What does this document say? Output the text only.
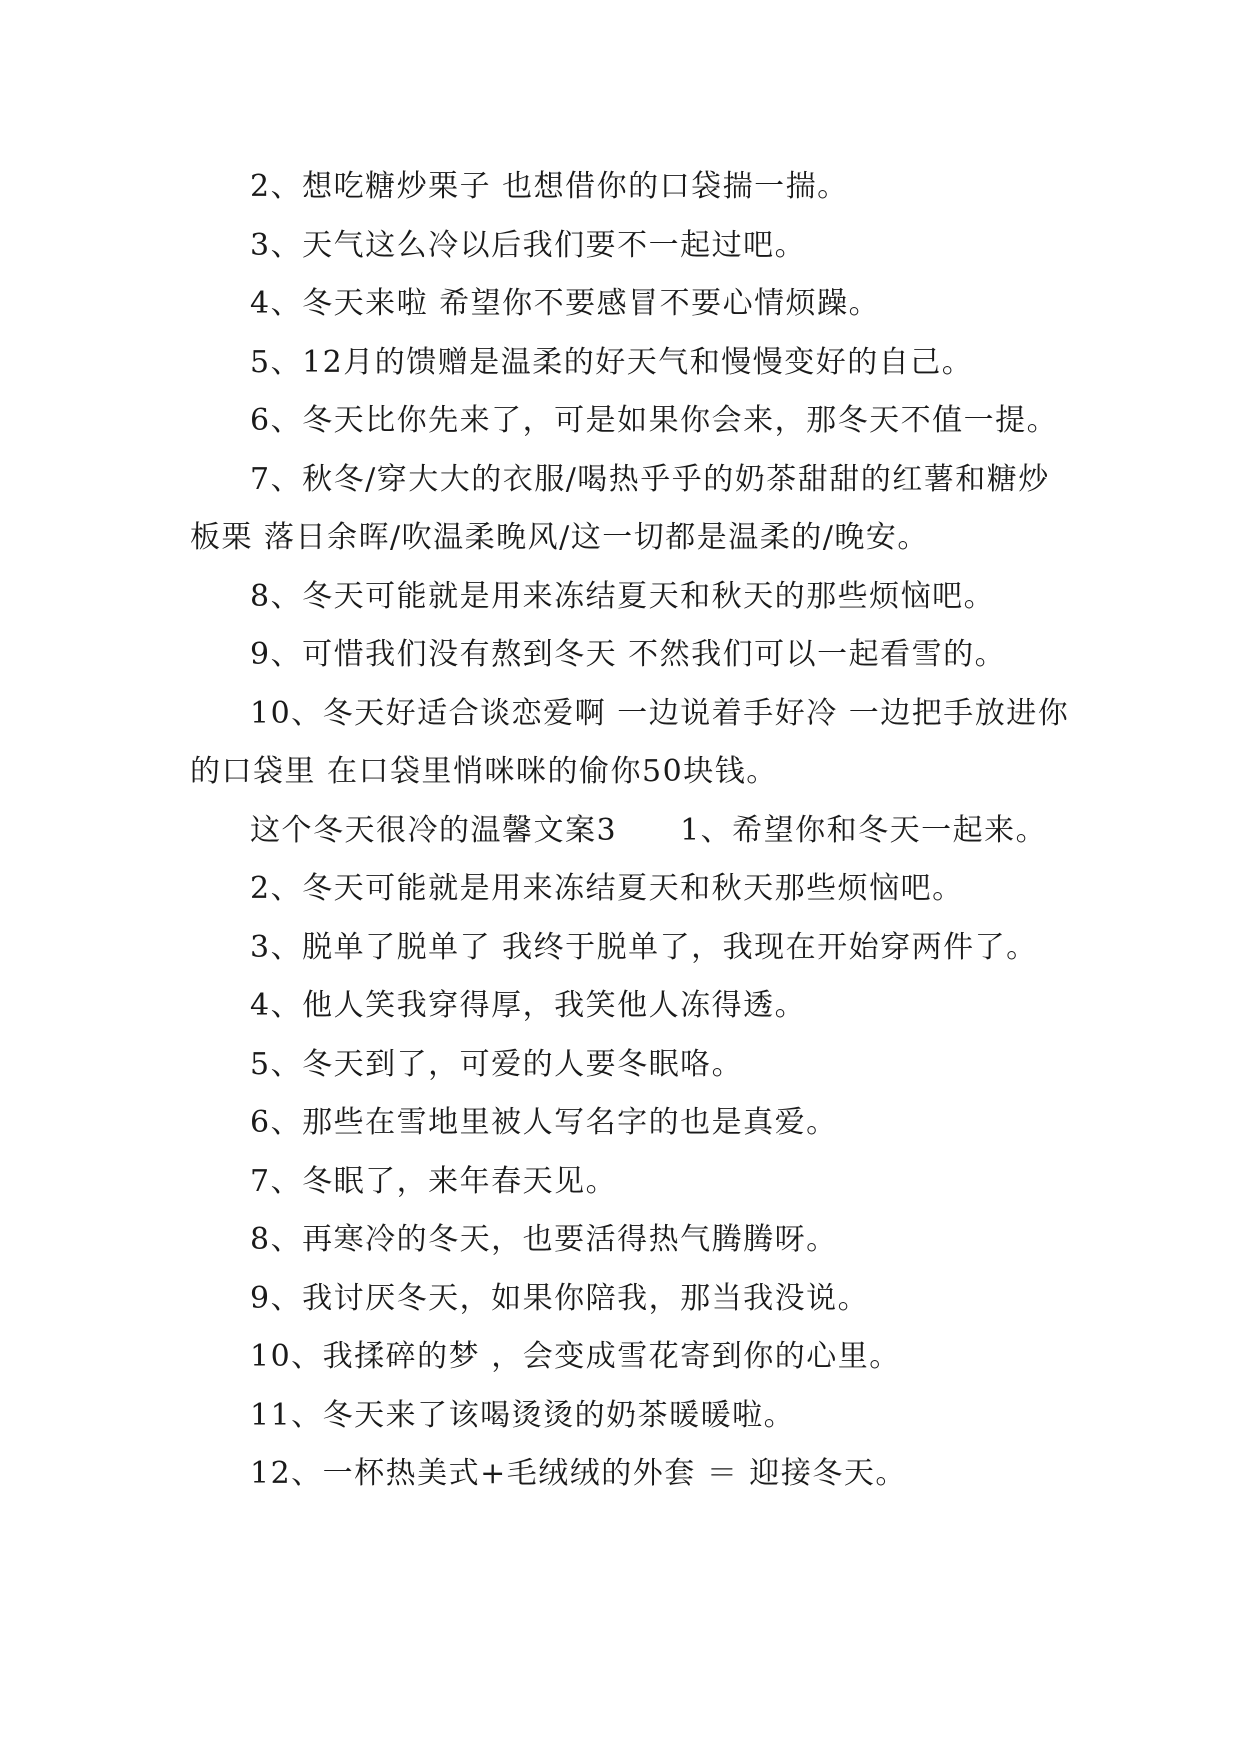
2、想吃糖炒栗子 也想借你的口袋揣一揣。

3、天气这么冷以后我们要不一起过吧。

4、冬天来啦 希望你不要感冒不要心情烦躁。

5、12月的馈赠是温柔的好天气和慢慢变好的自己。

6、冬天比你先来了，可是如果你会来，那冬天不值一提。

7、秋冬/穿大大的衣服/喝热乎乎的奶茶甜甜的红薯和糖炒板栗 落日余晖/吹温柔晚风/这一切都是温柔的/晚安。

8、冬天可能就是用来冻结夏天和秋天的那些烦恼吧。

9、可惜我们没有熬到冬天 不然我们可以一起看雪的。

10、冬天好适合谈恋爱啊 一边说着手好冷 一边把手放进你的口袋里 在口袋里悄咪咪的偷你50块钱。

这个冬天很冷的温馨文案3　　1、希望你和冬天一起来。

2、冬天可能就是用来冻结夏天和秋天那些烦恼吧。

3、脱单了脱单了 我终于脱单了，我现在开始穿两件了。

4、他人笑我穿得厚，我笑他人冻得透。

5、冬天到了，可爱的人要冬眠咯。

6、那些在雪地里被人写名字的也是真爱。

7、冬眠了，来年春天见。

8、再寒冷的冬天，也要活得热气腾腾呀。

9、我讨厌冬天，如果你陪我，那当我没说。

10、我揉碎的梦 ，会变成雪花寄到你的心里。

11、冬天来了该喝烫烫的奶茶暖暖啦。

12、一杯热美式+毛绒绒的外套 ＝ 迎接冬天。
